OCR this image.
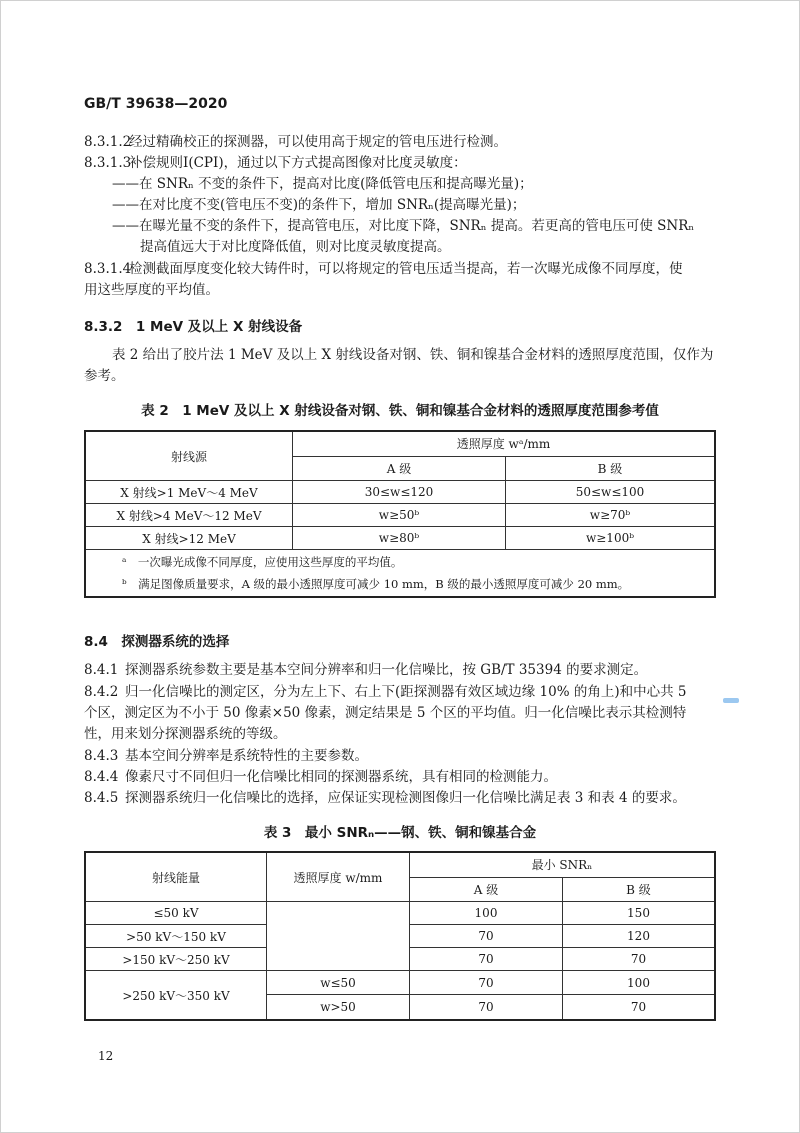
GB/T 39638—2020
8.3.1.2
经过精确校正的探测器，可以使用高于规定的管电压进行检测。
8.3.1.3
补偿规则Ⅰ(CPⅠ)，通过以下方式提高图像对比度灵敏度：
——在 SNRₙ 不变的条件下，提高对比度(降低管电压和提高曝光量)；
——在对比度不变(管电压不变)的条件下，增加 SNRₙ(提高曝光量)；
——在曝光量不变的条件下，提高管电压，对比度下降，SNRₙ 提高。若更高的管电压可使 SNRₙ
提高值远大于对比度降低值，则对比度灵敏度提高。
8.3.1.4
检测截面厚度变化较大铸件时，可以将规定的管电压适当提高，若一次曝光成像不同厚度，使
用这些厚度的平均值。
8.3.2　1 MeV 及以上 X 射线设备
表 2 给出了胶片法 1 MeV 及以上 X 射线设备对钢、铁、铜和镍基合金材料的透照厚度范围，仅作为
参考。
表 2　1 MeV 及以上 X 射线设备对钢、铁、铜和镍基合金材料的透照厚度范围参考值
射线源	透照厚度 wᵃ/mm	
	A 级	B 级
X 射线>1 MeV～4 MeV	30≤w≤120	50≤w≤100
X 射线>4 MeV～12 MeV	w≥50ᵇ	w≥70ᵇ
X 射线>12 MeV	w≥80ᵇ	w≥100ᵇ

ᵃ　一次曝光成像不同厚度，应使用这些厚度的平均值。
ᵇ　满足图像质量要求，A 级的最小透照厚度可减少 10 mm，B 级的最小透照厚度可减少 20 mm。		
8.4　探测器系统的选择
8.4.1 探测器系统参数主要是基本空间分辨率和归一化信噪比，按 GB/T 35394 的要求测定。
8.4.2 归一化信噪比的测定区，分为左上下、右上下(距探测器有效区域边缘 10% 的角上)和中心共 5
个区，测定区为不小于 50 像素×50 像素，测定结果是 5 个区的平均值。归一化信噪比表示其检测特
性，用来划分探测器系统的等级。
8.4.3 基本空间分辨率是系统特性的主要参数。
8.4.4 像素尺寸不同但归一化信噪比相同的探测器系统，具有相同的检测能力。
8.4.5 探测器系统归一化信噪比的选择，应保证实现检测图像归一化信噪比满足表 3 和表 4 的要求。
表 3　最小 SNRₙ——钢、铁、铜和镍基合金
射线能量	透照厚度 w/mm	最小 SNRₙ	
		A 级	B 级
≤50 kV		100	150
>50 kV～150 kV		70	120
>150 kV～250 kV		70	70
>250 kV～350 kV	w≤50	70	100
	w>50	70	70
12
